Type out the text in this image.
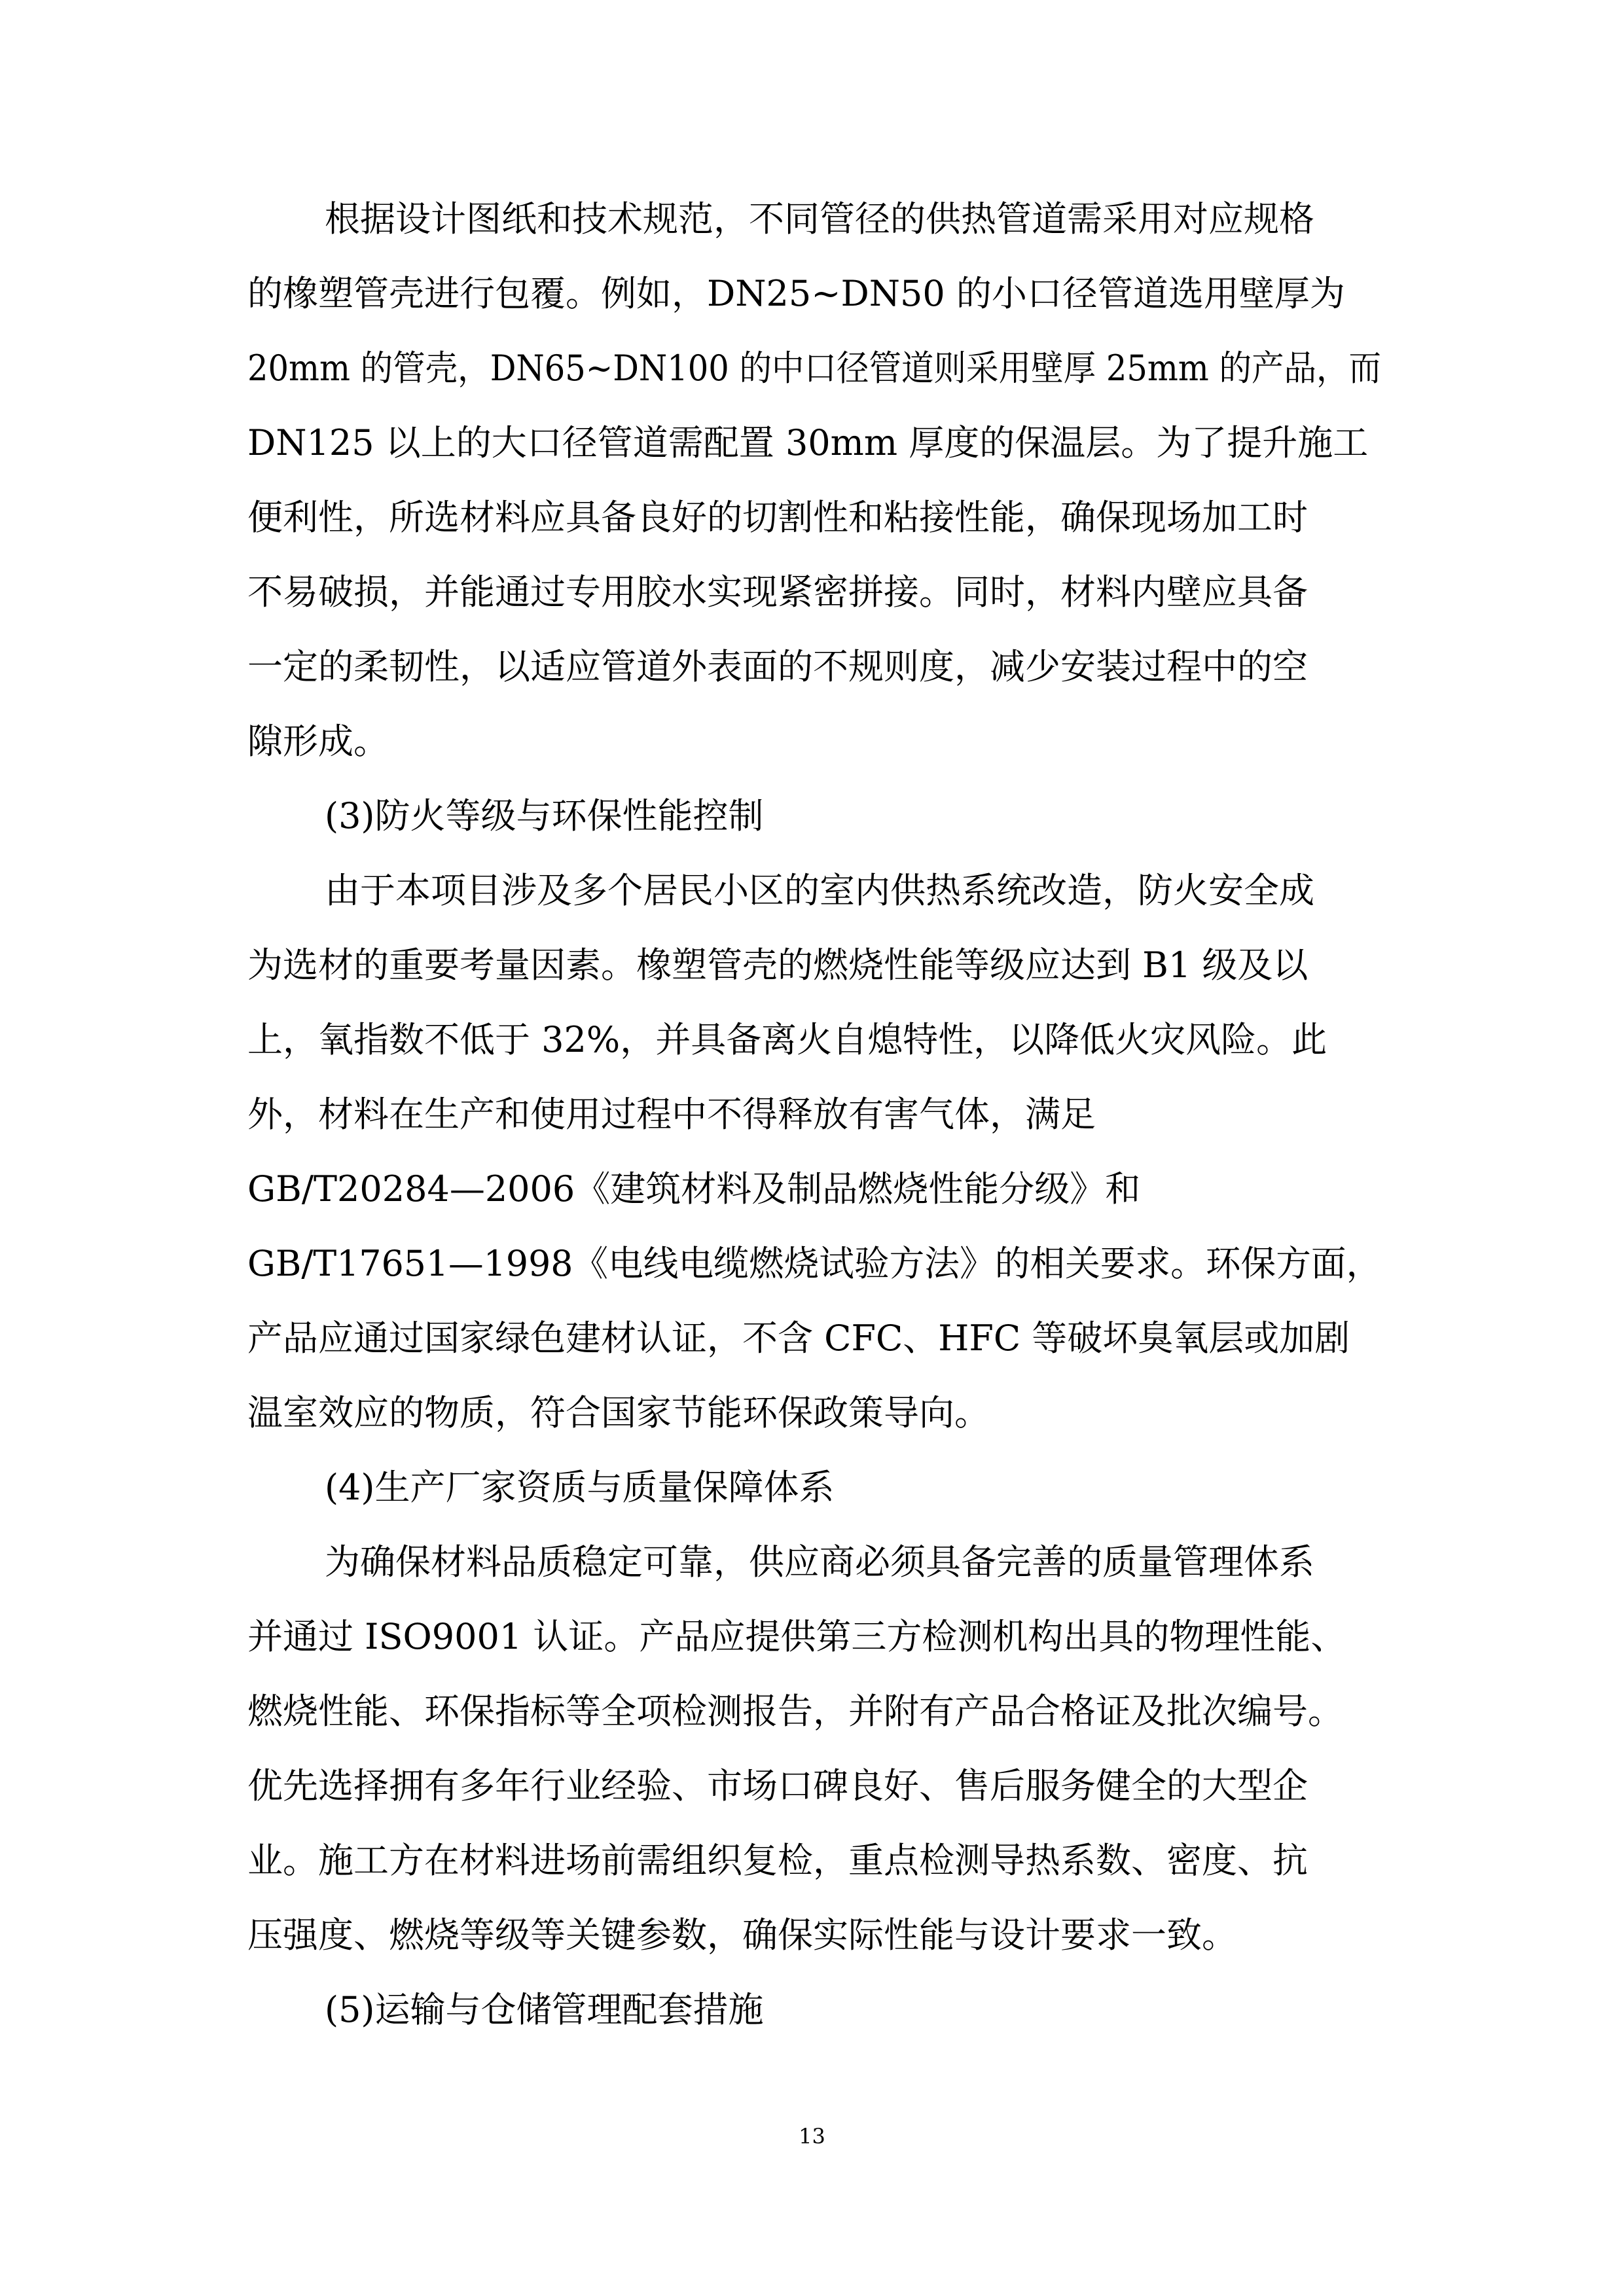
根据设计图纸和技术规范，不同管径的供热管道需采用对应规格
的橡塑管壳进行包覆。例如，DN25~DN50 的小口径管道选用壁厚为
20mm 的管壳，DN65~DN100 的中口径管道则采用壁厚 25mm 的产品，而
DN125 以上的大口径管道需配置 30mm 厚度的保温层。为了提升施工
便利性，所选材料应具备良好的切割性和粘接性能，确保现场加工时
不易破损，并能通过专用胶水实现紧密拼接。同时，材料内壁应具备
一定的柔韧性，以适应管道外表面的不规则度，减少安装过程中的空
隙形成。
(3)防火等级与环保性能控制
由于本项目涉及多个居民小区的室内供热系统改造，防火安全成
为选材的重要考量因素。橡塑管壳的燃烧性能等级应达到 B1 级及以
上，氧指数不低于 32%，并具备离火自熄特性，以降低火灾风险。此
外，材料在生产和使用过程中不得释放有害气体，满足
GB/T20284—2006《建筑材料及制品燃烧性能分级》和
GB/T17651—1998《电线电缆燃烧试验方法》的相关要求。环保方面，
产品应通过国家绿色建材认证，不含 CFC、HFC 等破坏臭氧层或加剧
温室效应的物质，符合国家节能环保政策导向。
(4)生产厂家资质与质量保障体系
为确保材料品质稳定可靠，供应商必须具备完善的质量管理体系
并通过 ISO9001 认证。产品应提供第三方检测机构出具的物理性能、
燃烧性能、环保指标等全项检测报告，并附有产品合格证及批次编号。
优先选择拥有多年行业经验、市场口碑良好、售后服务健全的大型企
业。施工方在材料进场前需组织复检，重点检测导热系数、密度、抗
压强度、燃烧等级等关键参数，确保实际性能与设计要求一致。
(5)运输与仓储管理配套措施
13
